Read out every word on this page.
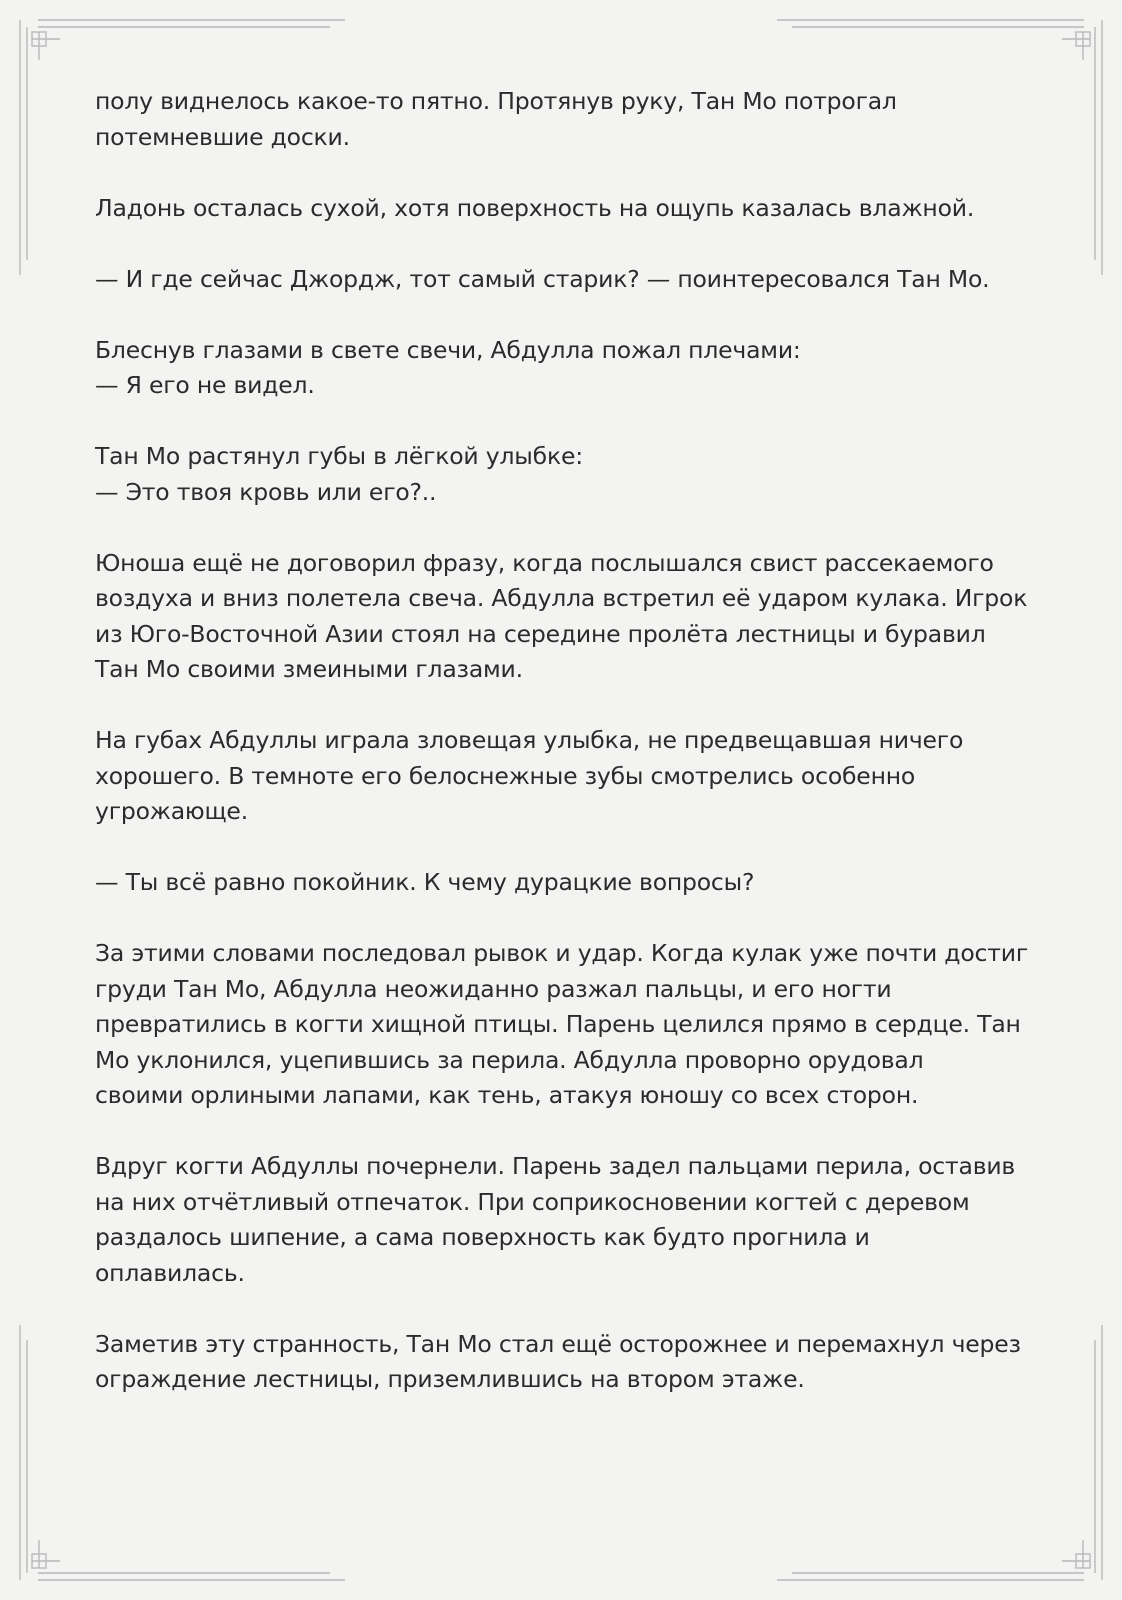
полу виднелось какое-то пятно. Протянув руку, Тан Мо потрогал
потемневшие доски.

Ладонь осталась сухой, хотя поверхность на ощупь казалась влажной.

— И где сейчас Джордж, тот самый старик? — поинтересовался Тан Мо.

Блеснув глазами в свете свечи, Абдулла пожал плечами:
— Я его не видел.

Тан Мо растянул губы в лёгкой улыбке:
— Это твоя кровь или его?..

Юноша ещё не договорил фразу, когда послышался свист рассекаемого
воздуха и вниз полетела свеча. Абдулла встретил её ударом кулака. Игрок
из Юго-Восточной Азии стоял на середине пролёта лестницы и буравил
Тан Мо своими змеиными глазами.

На губах Абдуллы играла зловещая улыбка, не предвещавшая ничего
хорошего. В темноте его белоснежные зубы смотрелись особенно
угрожающе.

— Ты всё равно покойник. К чему дурацкие вопросы?

За этими словами последовал рывок и удар. Когда кулак уже почти достиг
груди Тан Мо, Абдулла неожиданно разжал пальцы, и его ногти
превратились в когти хищной птицы. Парень целился прямо в сердце. Тан
Мо уклонился, уцепившись за перила. Абдулла проворно орудовал
своими орлиными лапами, как тень, атакуя юношу со всех сторон.

Вдруг когти Абдуллы почернели. Парень задел пальцами перила, оставив
на них отчётливый отпечаток. При соприкосновении когтей с деревом
раздалось шипение, а сама поверхность как будто прогнила и
оплавилась.

Заметив эту странность, Тан Мо стал ещё осторожнее и перемахнул через
ограждение лестницы, приземлившись на втором этаже.
